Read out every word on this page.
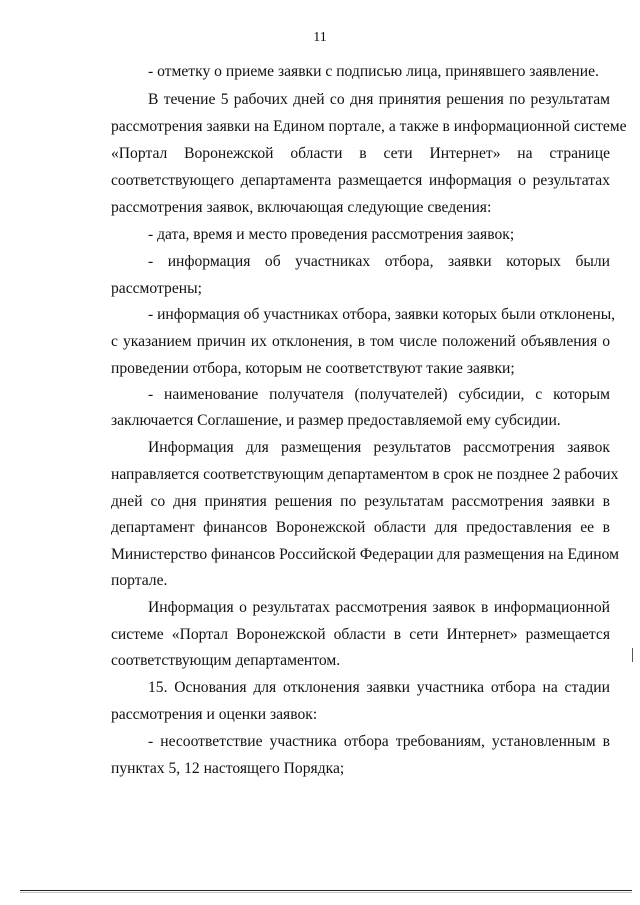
11
- отметку о приеме заявки с подписью лица, принявшего заявление.
В течение 5 рабочих дней со дня принятия решения по результатам
рассмотрения заявки на Едином портале, а также в информационной системе
«Портал Воронежской области в сети Интернет» на странице
соответствующего департамента размещается информация о результатах
рассмотрения заявок, включающая следующие сведения:
- дата, время и место проведения рассмотрения заявок;
- информация об участниках отбора, заявки которых были
рассмотрены;
- информация об участниках отбора, заявки которых были отклонены,
с указанием причин их отклонения, в том числе положений объявления о
проведении отбора, которым не соответствуют такие заявки;
- наименование получателя (получателей) субсидии, с которым
заключается Соглашение, и размер предоставляемой ему субсидии.
Информация для размещения результатов рассмотрения заявок
направляется соответствующим департаментом в срок не позднее 2 рабочих
дней со дня принятия решения по результатам рассмотрения заявки в
департамент финансов Воронежской области для предоставления ее в
Министерство финансов Российской Федерации для размещения на Едином
портале.
Информация о результатах рассмотрения заявок в информационной
системе «Портал Воронежской области в сети Интернет» размещается
соответствующим департаментом.
15. Основания для отклонения заявки участника отбора на стадии
рассмотрения и оценки заявок:
- несоответствие участника отбора требованиям, установленным в
пунктах 5, 12 настоящего Порядка;
